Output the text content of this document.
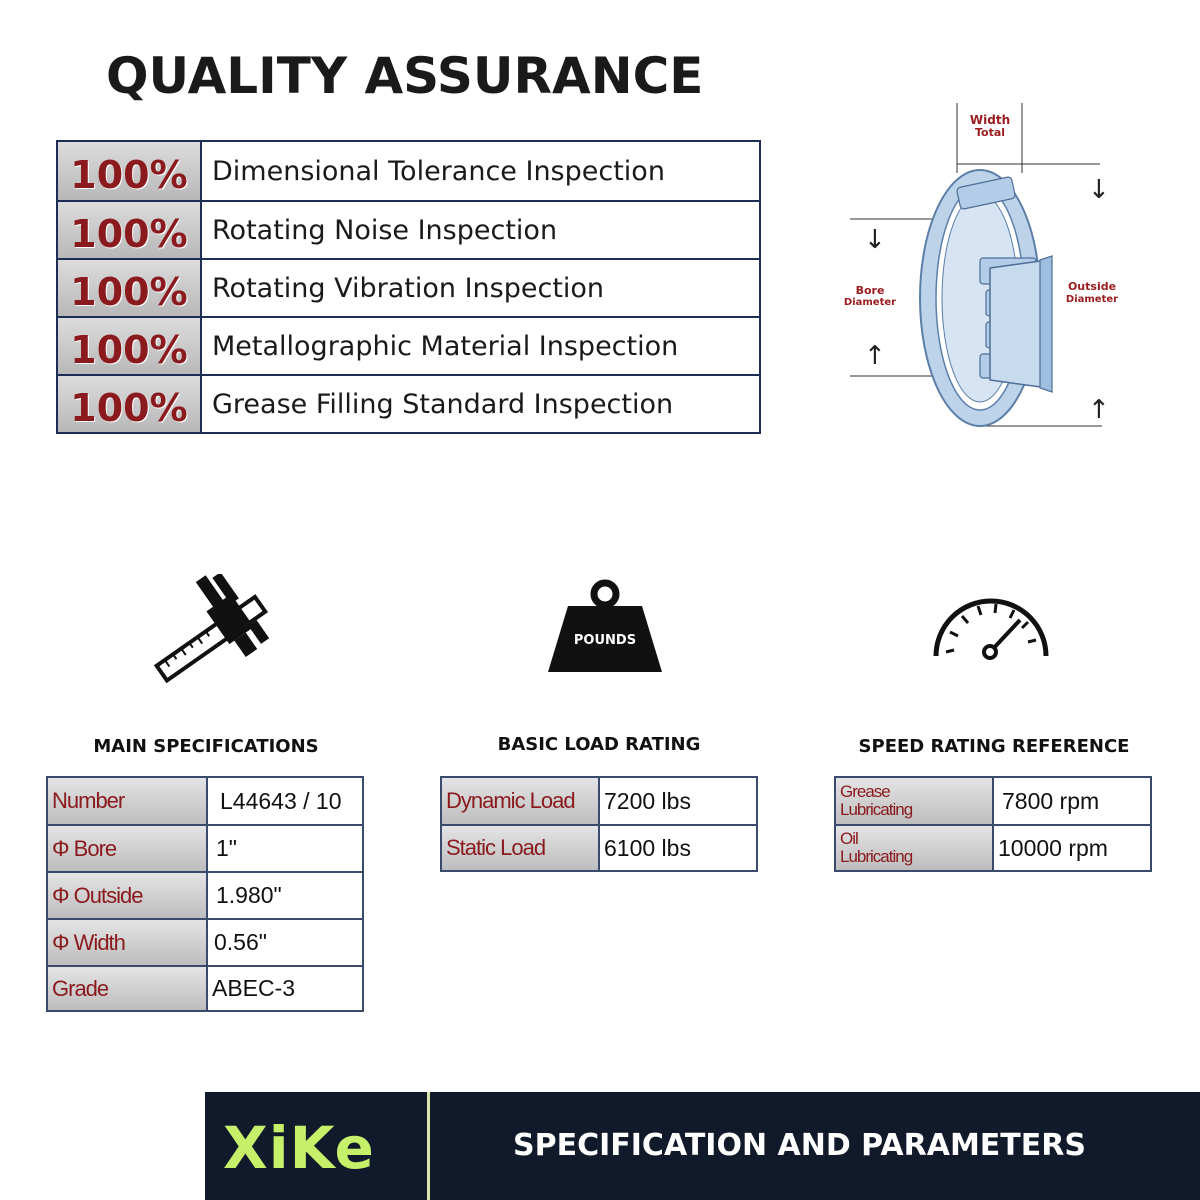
QUALITY ASSURANCE
100% Dimensional Tolerance Inspection
100% Rotating Noise Inspection
100% Rotating Vibration Inspection
100% Metallographic Material Inspection
100% Grease Filling Standard Inspection
↓
↓
↑
↑
Width
Total
Bore
Diameter
Outside
Diameter
POUNDS
MAIN SPECIFICATIONS	BASIC LOAD RATING	SPEED RATING REFERENCE
Number	L44643 / 10
Φ Bore	1"
Φ Outside	1.980"
Φ Width	0.56"
Grade	ABEC-3
Dynamic Load	7200 lbs
Static Load	6100 lbs
Grease
Lubricating	7800 rpm
Oil
Lubricating	10000 rpm
XiKe	SPECIFICATION AND PARAMETERS
